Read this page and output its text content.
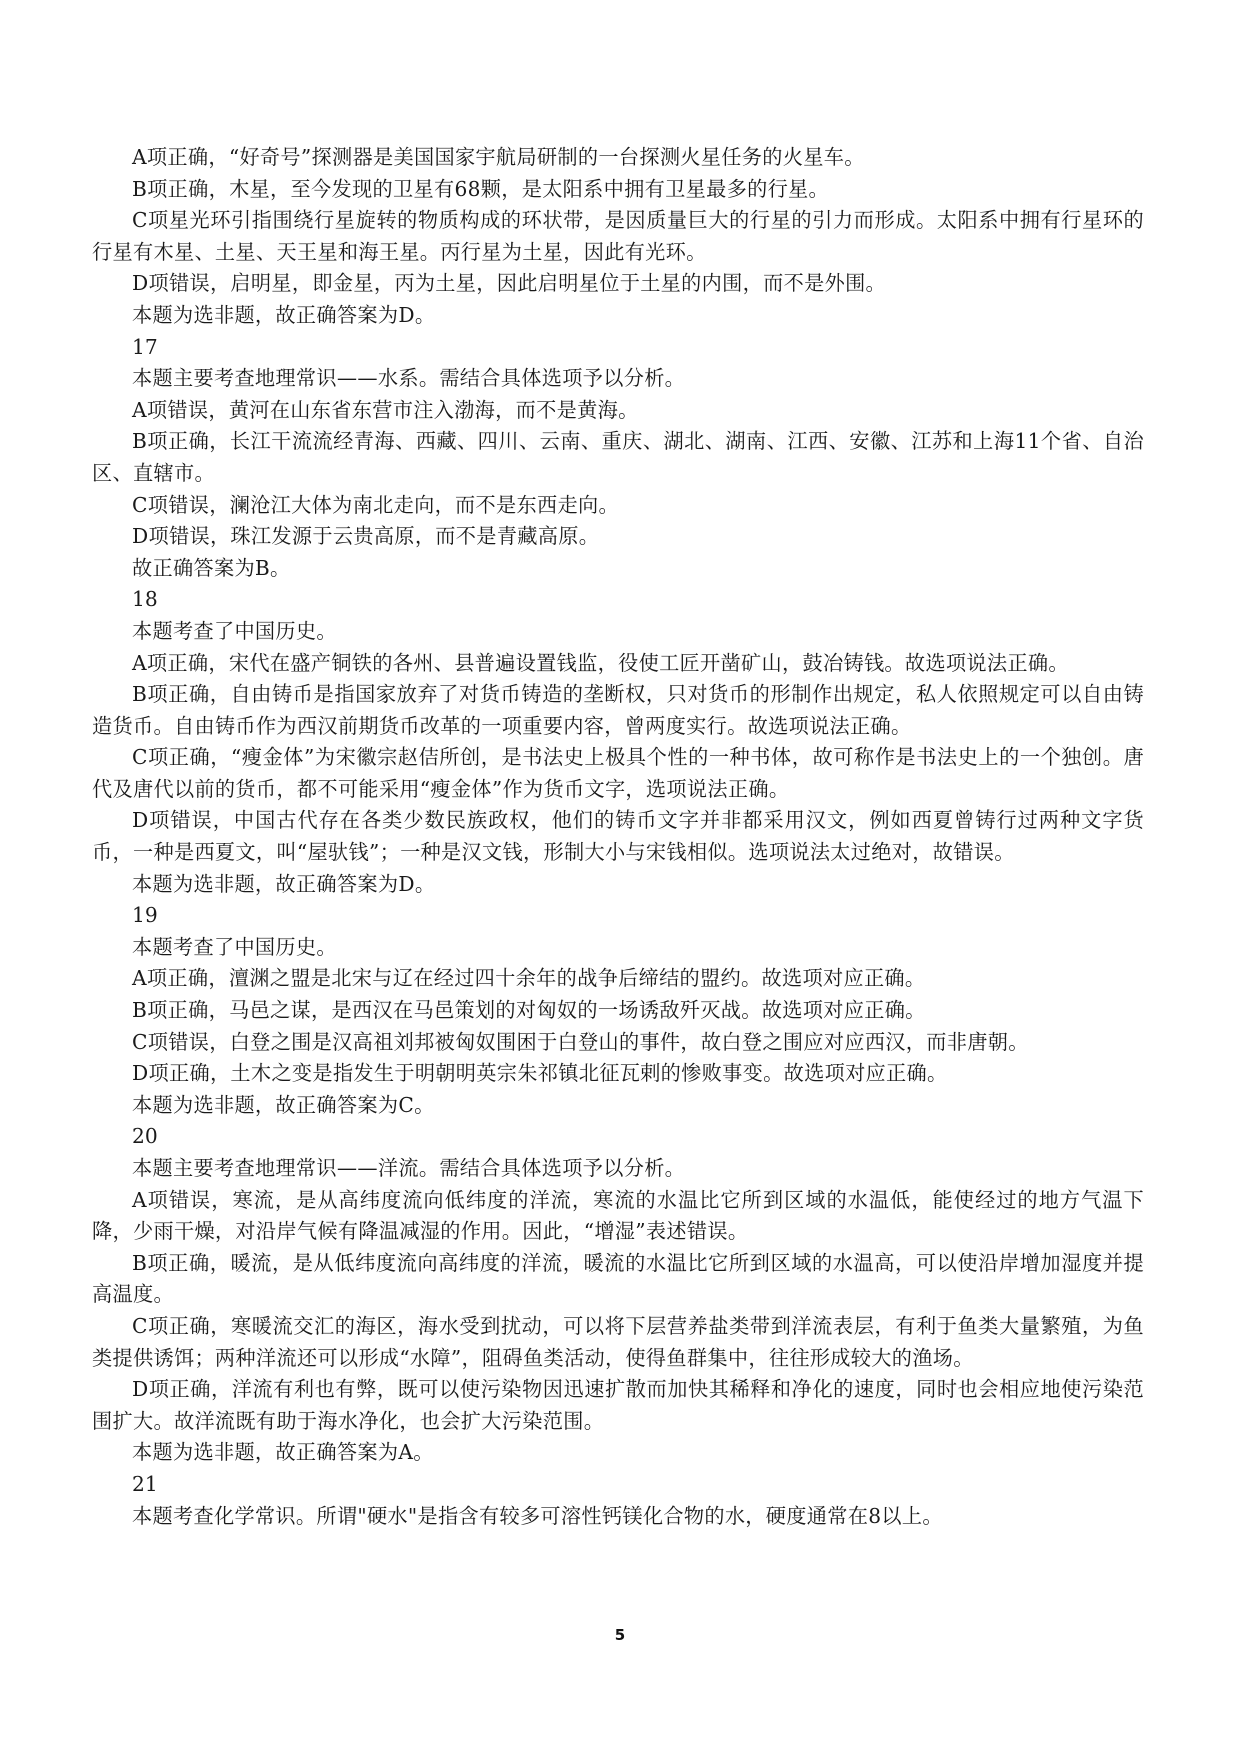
A项正确，“好奇号”探测器是美国国家宇航局研制的一台探测火星任务的火星车。

B项正确，木星，至今发现的卫星有68颗，是太阳系中拥有卫星最多的行星。

C项星光环引指围绕行星旋转的物质构成的环状带，是因质量巨大的行星的引力而形成。太阳系中拥有行星环的行星有木星、土星、天王星和海王星。丙行星为土星，因此有光环。

D项错误，启明星，即金星，丙为土星，因此启明星位于土星的内围，而不是外围。

本题为选非题，故正确答案为D。

17

本题主要考查地理常识——水系。需结合具体选项予以分析。

A项错误，黄河在山东省东营市注入渤海，而不是黄海。

B项正确，长江干流流经青海、西藏、四川、云南、重庆、湖北、湖南、江西、安徽、江苏和上海11个省、自治区、直辖市。

C项错误，澜沧江大体为南北走向，而不是东西走向。

D项错误，珠江发源于云贵高原，而不是青藏高原。

故正确答案为B。

18

本题考查了中国历史。

A项正确，宋代在盛产铜铁的各州、县普遍设置钱监，役使工匠开凿矿山，鼓冶铸钱。故选项说法正确。

B项正确，自由铸币是指国家放弃了对货币铸造的垄断权，只对货币的形制作出规定，私人依照规定可以自由铸造货币。自由铸币作为西汉前期货币改革的一项重要内容，曾两度实行。故选项说法正确。

C项正确，“瘦金体”为宋徽宗赵佶所创，是书法史上极具个性的一种书体，故可称作是书法史上的一个独创。唐代及唐代以前的货币，都不可能采用“瘦金体”作为货币文字，选项说法正确。

D项错误，中国古代存在各类少数民族政权，他们的铸币文字并非都采用汉文，例如西夏曾铸行过两种文字货币，一种是西夏文，叫“屋驮钱”；一种是汉文钱，形制大小与宋钱相似。选项说法太过绝对，故错误。

本题为选非题，故正确答案为D。

19

本题考查了中国历史。

A项正确，澶渊之盟是北宋与辽在经过四十余年的战争后缔结的盟约。故选项对应正确。

B项正确，马邑之谋，是西汉在马邑策划的对匈奴的一场诱敌歼灭战。故选项对应正确。

C项错误，白登之围是汉高祖刘邦被匈奴围困于白登山的事件，故白登之围应对应西汉，而非唐朝。

D项正确，土木之变是指发生于明朝明英宗朱祁镇北征瓦剌的惨败事变。故选项对应正确。

本题为选非题，故正确答案为C。

20

本题主要考查地理常识——洋流。需结合具体选项予以分析。

A项错误，寒流，是从高纬度流向低纬度的洋流，寒流的水温比它所到区域的水温低，能使经过的地方气温下降，少雨干燥，对沿岸气候有降温减湿的作用。因此，“增湿”表述错误。

B项正确，暖流，是从低纬度流向高纬度的洋流，暖流的水温比它所到区域的水温高，可以使沿岸增加湿度并提高温度。

C项正确，寒暖流交汇的海区，海水受到扰动，可以将下层营养盐类带到洋流表层，有利于鱼类大量繁殖，为鱼类提供诱饵；两种洋流还可以形成“水障”，阻碍鱼类活动，使得鱼群集中，往往形成较大的渔场。

D项正确，洋流有利也有弊，既可以使污染物因迅速扩散而加快其稀释和净化的速度，同时也会相应地使污染范围扩大。故洋流既有助于海水净化，也会扩大污染范围。

本题为选非题，故正确答案为A。

21

本题考查化学常识。所谓"硬水"是指含有较多可溶性钙镁化合物的水，硬度通常在8以上。

5
